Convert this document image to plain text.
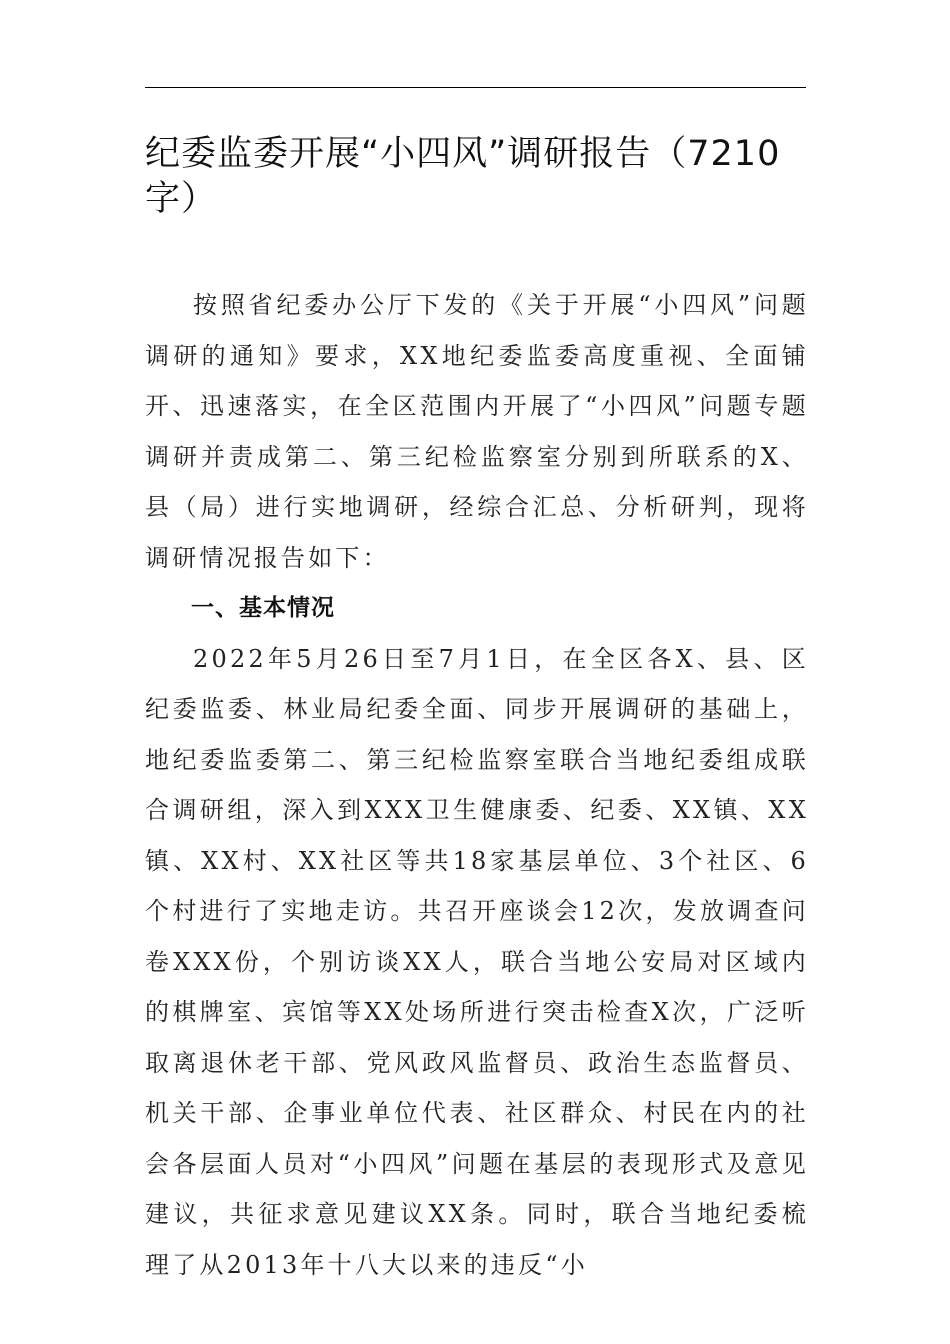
纪委监委开展“小四风”调研报告（7210字）

按照省纪委办公厅下发的《关于开展“小四风”问题调研的通知》要求，XX地纪委监委高度重视、全面铺开、迅速落实，在全区范围内开展了“小四风”问题专题调研并责成第二、第三纪检监察室分别到所联系的X、县（局）进行实地调研，经综合汇总、分析研判，现将调研情况报告如下：

一、基本情况

2022年5月26日至7月1日，在全区各X、县、区纪委监委、林业局纪委全面、同步开展调研的基础上，地纪委监委第二、第三纪检监察室联合当地纪委组成联合调研组，深入到XXX卫生健康委、纪委、XX镇、XX镇、XX村、XX社区等共18家基层单位、3个社区、6个村进行了实地走访。共召开座谈会12次，发放调查问卷XXX份，个别访谈XX人，联合当地公安局对区域内的棋牌室、宾馆等XX处场所进行突击检查X次，广泛听取离退休老干部、党风政风监督员、政治生态监督员、机关干部、企事业单位代表、社区群众、村民在内的社会各层面人员对“小四风”问题在基层的表现形式及意见建议，共征求意见建议XX条。同时，联合当地纪委梳理了从2013年十八大以来的违反“小
